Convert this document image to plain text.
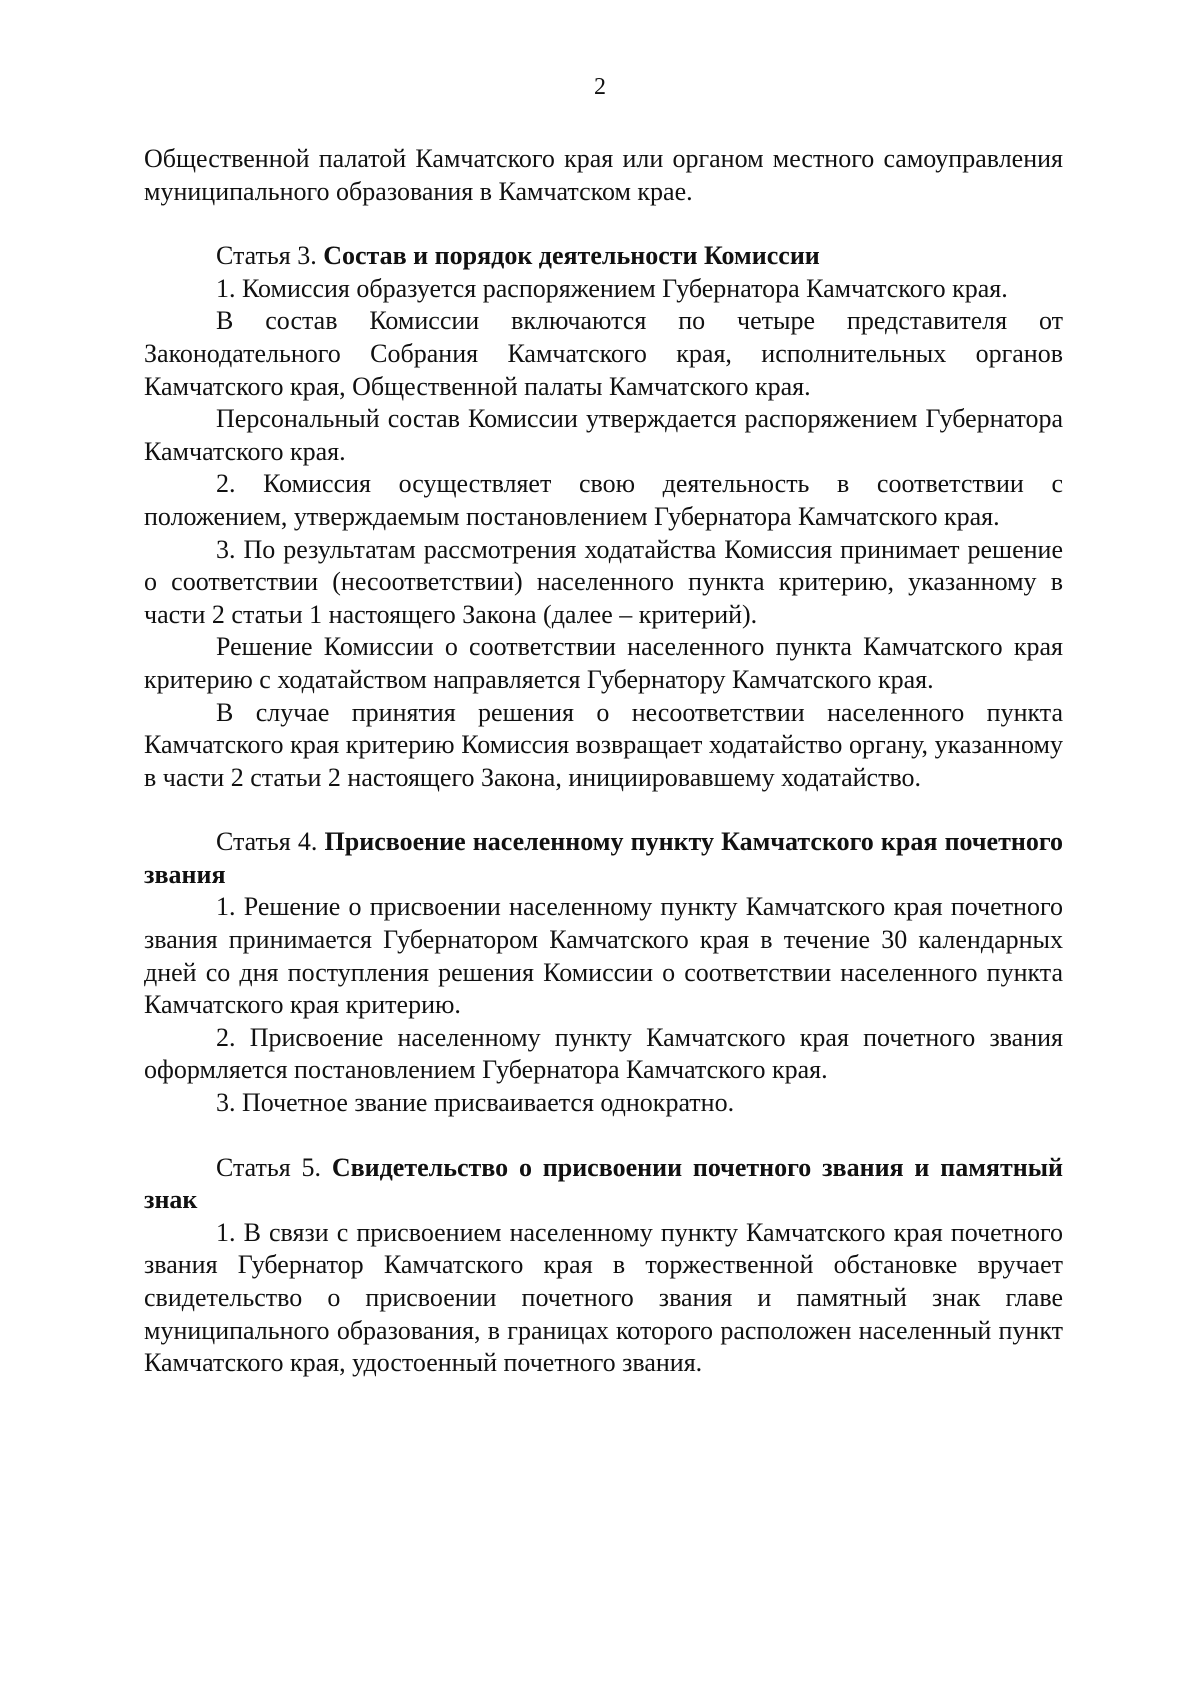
2

Общественной палатой Камчатского края или органом местного самоуправления муниципального образования в Камчатском крае.

Статья 3. Состав и порядок деятельности Комиссии

1. Комиссия образуется распоряжением Губернатора Камчатского края.

В состав Комиссии включаются по четыре представителя от Законодательного Собрания Камчатского края, исполнительных органов Камчатского края, Общественной палаты Камчатского края.

Персональный состав Комиссии утверждается распоряжением Губернатора Камчатского края.

2. Комиссия осуществляет свою деятельность в соответствии с положением, утверждаемым постановлением Губернатора Камчатского края.

3. По результатам рассмотрения ходатайства Комиссия принимает решение о соответствии (несоответствии) населенного пункта критерию, указанному в части 2 статьи 1 настоящего Закона (далее – критерий).

Решение Комиссии о соответствии населенного пункта Камчатского края критерию с ходатайством направляется Губернатору Камчатского края.

В случае принятия решения о несоответствии населенного пункта Камчатского края критерию Комиссия возвращает ходатайство органу, указанному в части 2 статьи 2 настоящего Закона, инициировавшему ходатайство.

Статья 4. Присвоение населенному пункту Камчатского края почетного звания

1. Решение о присвоении населенному пункту Камчатского края почетного звания принимается Губернатором Камчатского края в течение 30 календарных дней со дня поступления решения Комиссии о соответствии населенного пункта Камчатского края критерию.

2. Присвоение населенному пункту Камчатского края почетного звания оформляется постановлением Губернатора Камчатского края.

3. Почетное звание присваивается однократно.

Статья 5. Свидетельство о присвоении почетного звания и памятный знак

1. В связи с присвоением населенному пункту Камчатского края почетного звания Губернатор Камчатского края в торжественной обстановке вручает свидетельство о присвоении почетного звания и памятный знак главе муниципального образования, в границах которого расположен населенный пункт Камчатского края, удостоенный почетного звания.
